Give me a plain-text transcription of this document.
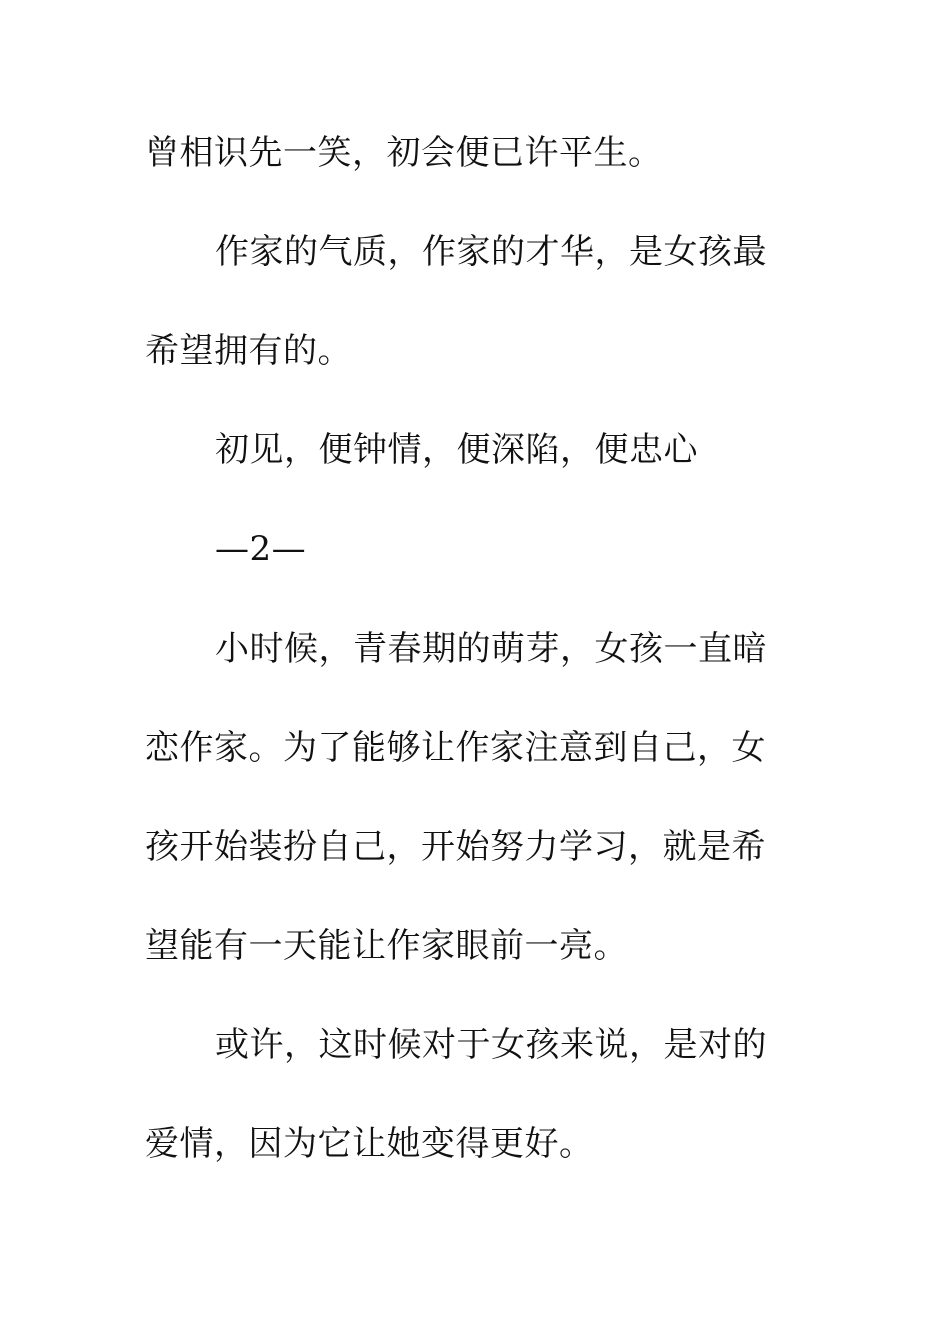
曾相识先一笑，初会便已许平生。

作家的气质，作家的才华，是女孩最

希望拥有的。

初见，便钟情，便深陷，便忠心

—2—

小时候，青春期的萌芽，女孩一直暗

恋作家。为了能够让作家注意到自己，女

孩开始装扮自己，开始努力学习，就是希

望能有一天能让作家眼前一亮。

或许，这时候对于女孩来说，是对的

爱情，因为它让她变得更好。
